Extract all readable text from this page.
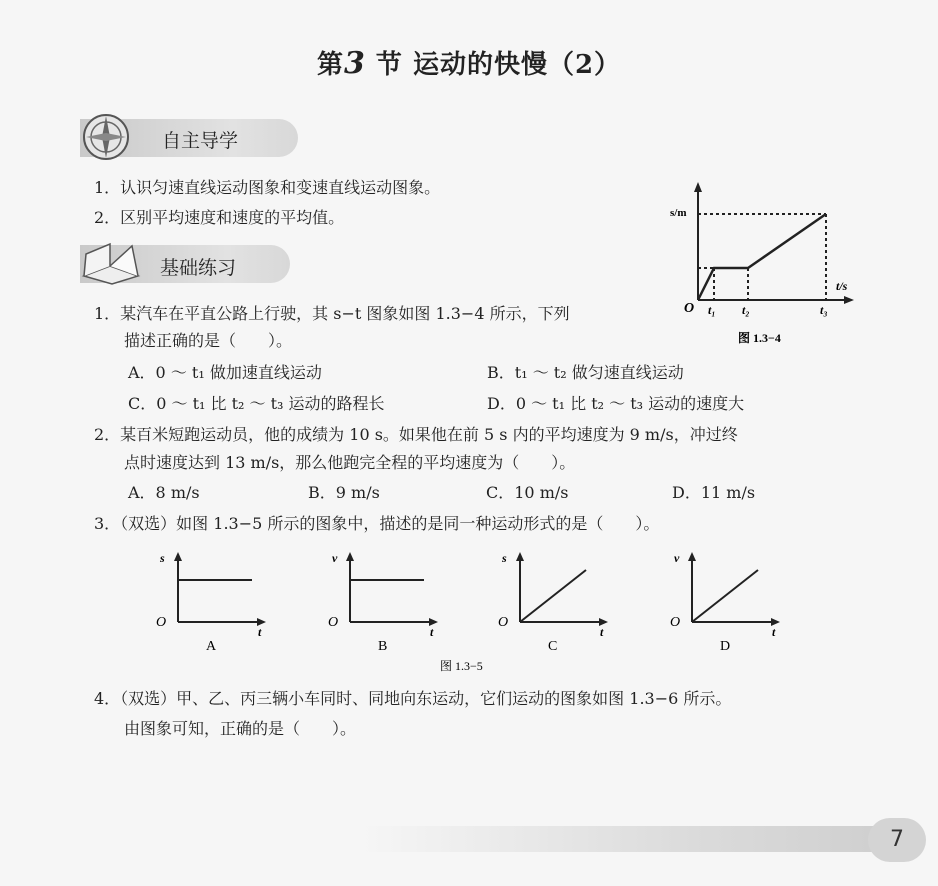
第3 节 运动的快慢（2）
自主导学
1．认识匀速直线运动图象和变速直线运动图象。
2．区别平均速度和速度的平均值。
基础练习
s/m
t/s
O t₁ t₂	t₃
图 1.3−4
1．某汽车在平直公路上行驶，其 s−t 图象如图 1.3−4 所示，下列
描述正确的是（　　）。
A．0 ～ t₁ 做加速直线运动	B．t₁ ～ t₂ 做匀速直线运动
C．0 ～ t₁ 比 t₂ ～ t₃ 运动的路程长	D．0 ～ t₁ 比 t₂ ～ t₃ 运动的速度大
2．某百米短跑运动员，他的成绩为 10 s。如果他在前 5 s 内的平均速度为 9 m/s，冲过终
点时速度达到 13 m/s，那么他跑完全程的平均速度为（　　）。
A．8 m/s	B．9 m/s	C．10 m/s	D．11 m/s
3．（双选）如图 1.3−5 所示的图象中，描述的是同一种运动形式的是（　　）。
s
O
t
A
v
O
t
B
s
O
t
C
v
O
t
D
图 1.3−5
4．（双选）甲、乙、丙三辆小车同时、同地向东运动，它们运动的图象如图 1.3−6 所示。
由图象可知，正确的是（　　）。
7
